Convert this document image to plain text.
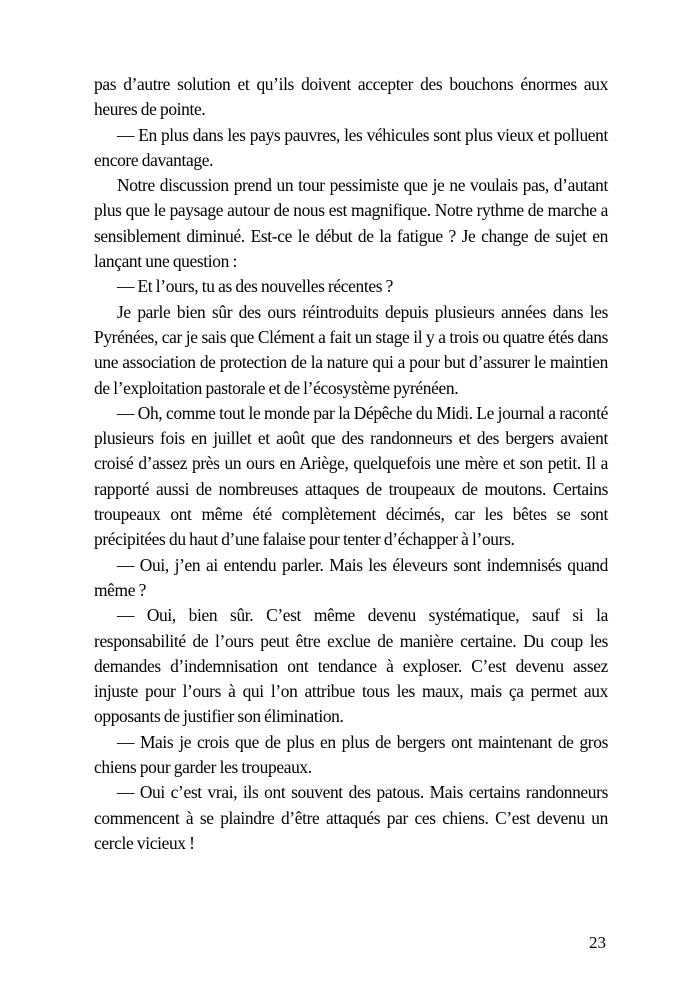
pas d’autre solution et qu’ils doivent accepter des bouchons énormes aux heures de pointe.

— En plus dans les pays pauvres, les véhicules sont plus vieux et polluent encore davantage.

Notre discussion prend un tour pessimiste que je ne voulais pas, d’autant plus que le paysage autour de nous est magnifique. Notre rythme de marche a sensiblement diminué. Est-ce le début de la fatigue ? Je change de sujet en lançant une question :

— Et l’ours, tu as des nouvelles récentes ?

Je parle bien sûr des ours réintroduits depuis plusieurs années dans les Pyrénées, car je sais que Clément a fait un stage il y a trois ou quatre étés dans une association de protection de la nature qui a pour but d’assurer le maintien de l’exploitation pastorale et de l’écosystème pyrénéen.

— Oh, comme tout le monde par la Dépêche du Midi. Le journal a raconté plusieurs fois en juillet et août que des randonneurs et des bergers avaient croisé d’assez près un ours en Ariège, quelquefois une mère et son petit. Il a rapporté aussi de nombreuses attaques de troupeaux de moutons. Certains troupeaux ont même été complètement décimés, car les bêtes se sont précipitées du haut d’une falaise pour tenter d’échapper à l’ours.

— Oui, j’en ai entendu parler. Mais les éleveurs sont indemnisés quand même ?

— Oui, bien sûr. C’est même devenu systématique, sauf si la responsabilité de l’ours peut être exclue de manière certaine. Du coup les demandes d’indemnisation ont tendance à exploser. C’est devenu assez injuste pour l’ours à qui l’on attribue tous les maux, mais ça permet aux opposants de justifier son élimination.

— Mais je crois que de plus en plus de bergers ont maintenant de gros chiens pour garder les troupeaux.

— Oui c’est vrai, ils ont souvent des patous. Mais certains randonneurs commencent à se plaindre d’être attaqués par ces chiens. C’est devenu un cercle vicieux !

23
